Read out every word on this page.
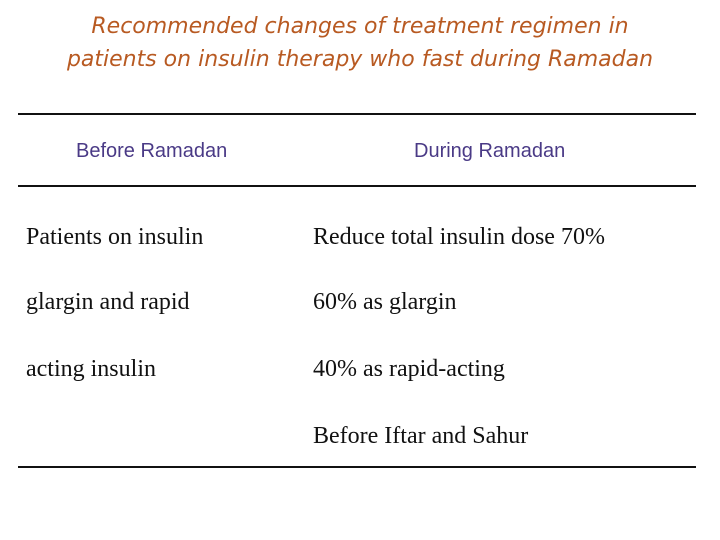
Recommended changes of treatment regimen in
patients on insulin therapy who fast during Ramadan
Before Ramadan	During Ramadan
Patients on insulin
glargin and rapid
acting insulin
Reduce total insulin dose 70%
60% as glargin
40% as rapid-acting
Before Iftar and Sahur
